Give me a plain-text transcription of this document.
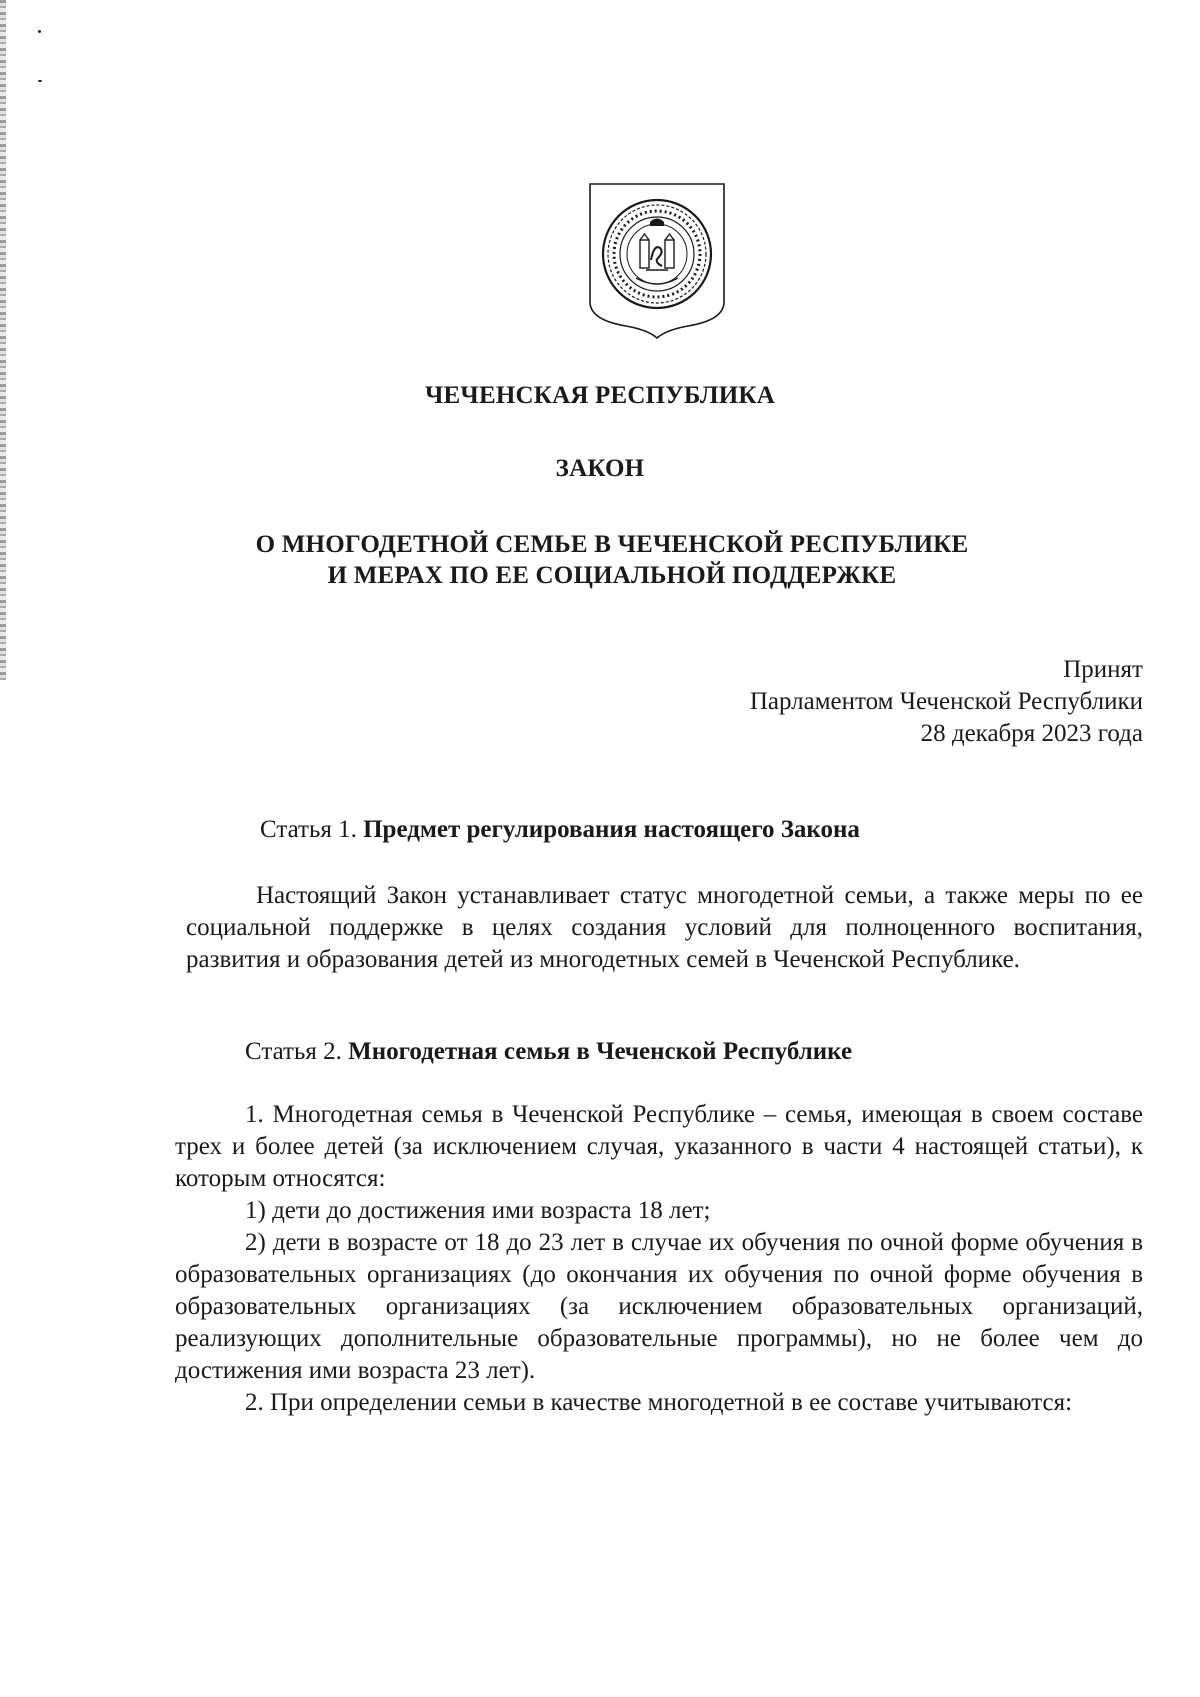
ЧЕЧЕНСКАЯ РЕСПУБЛИКА
ЗАКОН
О МНОГОДЕТНОЙ СЕМЬЕ В ЧЕЧЕНСКОЙ РЕСПУБЛИКЕ
И МЕРАХ ПО ЕЕ СОЦИАЛЬНОЙ ПОДДЕРЖКЕ
Принят
Парламентом Чеченской Республики
28 декабря 2023 года
Статья 1. Предмет регулирования настоящего Закона
Настоящий Закон устанавливает статус многодетной семьи, а также меры по ее социальной поддержке в целях создания условий для полноценного воспитания, развития и образования детей из многодетных семей в Чеченской Республике.
Статья 2. Многодетная семья в Чеченской Республике
1. Многодетная семья в Чеченской Республике – семья, имеющая в своем составе трех и более детей (за исключением случая, указанного в части 4 настоящей статьи), к которым относятся:
1) дети до достижения ими возраста 18 лет;
2) дети в возрасте от 18 до 23 лет в случае их обучения по очной форме обучения в образовательных организациях (до окончания их обучения по очной форме обучения в образовательных организациях (за исключением образовательных организаций, реализующих дополнительные образовательные программы), но не более чем до достижения ими возраста 23 лет).
2. При определении семьи в качестве многодетной в ее составе учитываются:
